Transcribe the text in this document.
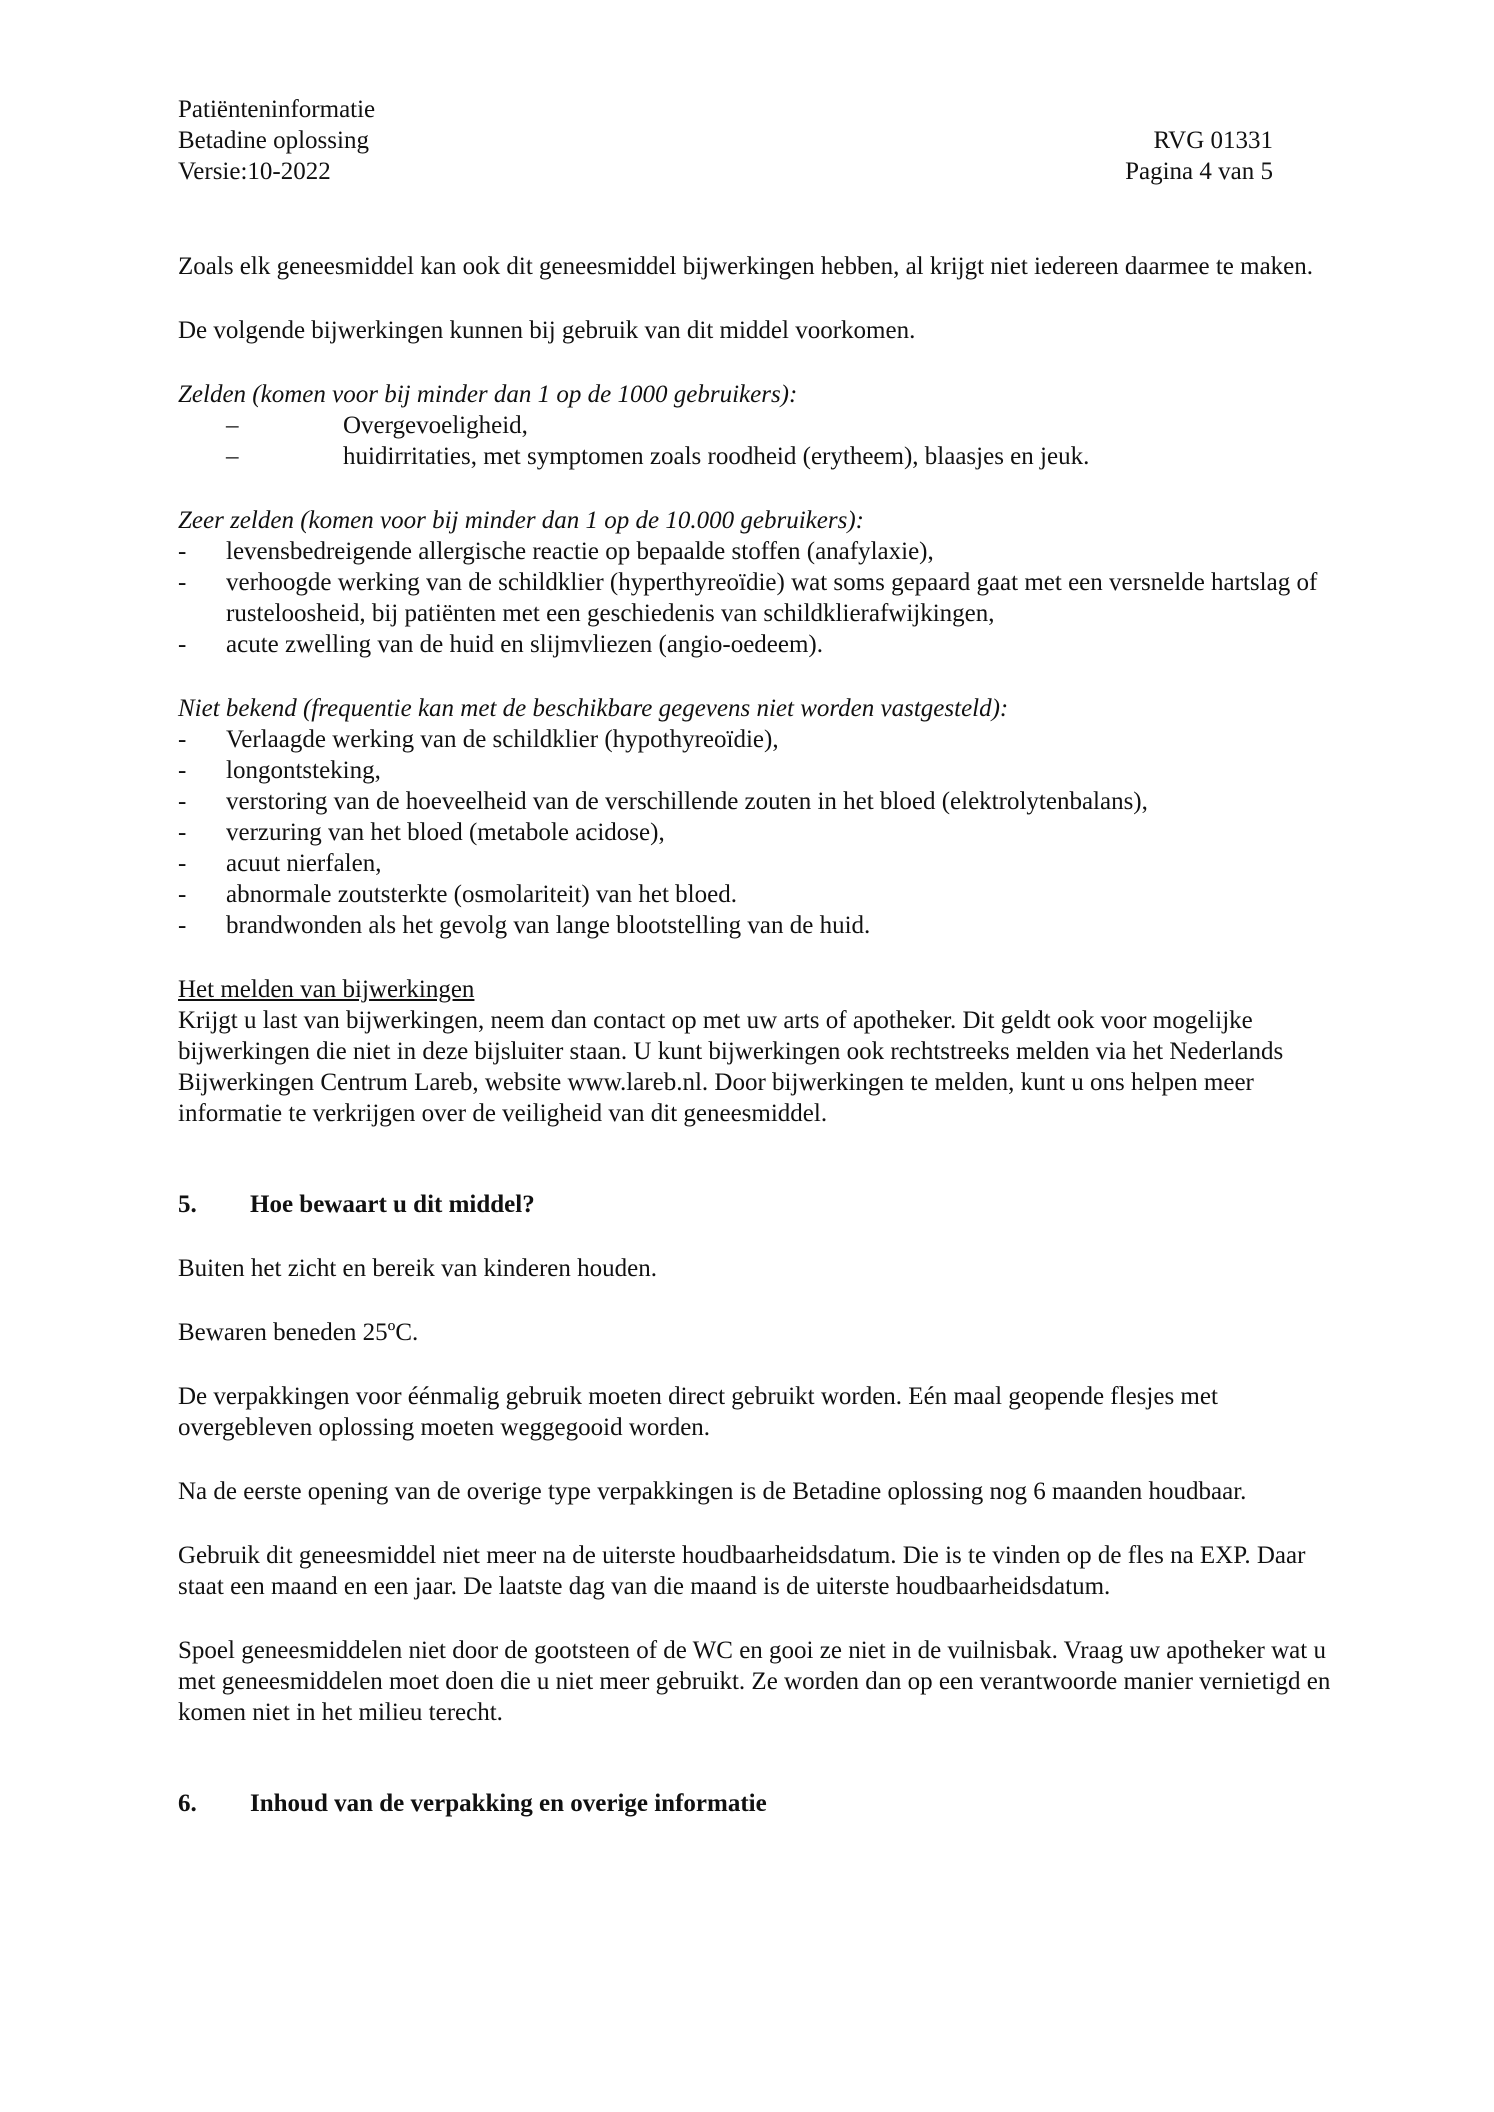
Patiënteninformatie
Betadine oplossing
Versie:10-2022
RVG 01331
Pagina 4 van 5

Zoals elk geneesmiddel kan ook dit geneesmiddel bijwerkingen hebben, al krijgt niet iedereen daarmee te maken.

De volgende bijwerkingen kunnen bij gebruik van dit middel voorkomen.

Zelden (komen voor bij minder dan 1 op de 1000 gebruikers):

–	Overgevoeligheid,
–	huidirritaties, met symptomen zoals roodheid (erytheem), blaasjes en jeuk.

Zeer zelden (komen voor bij minder dan 1 op de 10.000 gebruikers):

-	levensbedreigende allergische reactie op bepaalde stoffen (anafylaxie),
-	verhoogde werking van de schildklier (hyperthyreoïdie) wat soms gepaard gaat met een versnelde hartslag of rusteloosheid, bij patiënten met een geschiedenis van schildklierafwijkingen,
-	acute zwelling van de huid en slijmvliezen (angio-oedeem).

Niet bekend (frequentie kan met de beschikbare gegevens niet worden vastgesteld):

-	Verlaagde werking van de schildklier (hypothyreoïdie),
-	longontsteking,
-	verstoring van de hoeveelheid van de verschillende zouten in het bloed (elektrolytenbalans),
-	verzuring van het bloed (metabole acidose),
-	acuut nierfalen,
-	abnormale zoutsterkte (osmolariteit) van het bloed.
-	brandwonden als het gevolg van lange blootstelling van de huid.

Het melden van bijwerkingen

Krijgt u last van bijwerkingen, neem dan contact op met uw arts of apotheker. Dit geldt ook voor mogelijke bijwerkingen die niet in deze bijsluiter staan. U kunt bijwerkingen ook rechtstreeks melden via het Nederlands Bijwerkingen Centrum Lareb, website www.lareb.nl. Door bijwerkingen te melden, kunt u ons helpen meer informatie te verkrijgen over de veiligheid van dit geneesmiddel.

5.	Hoe bewaart u dit middel?

Buiten het zicht en bereik van kinderen houden.

Bewaren beneden 25ºC.

De verpakkingen voor éénmalig gebruik moeten direct gebruikt worden. Eén maal geopende flesjes met overgebleven oplossing moeten weggegooid worden.

Na de eerste opening van de overige type verpakkingen is de Betadine oplossing nog 6 maanden houdbaar.

Gebruik dit geneesmiddel niet meer na de uiterste houdbaarheidsdatum. Die is te vinden op de fles na EXP. Daar staat een maand en een jaar. De laatste dag van die maand is de uiterste houdbaarheidsdatum.

Spoel geneesmiddelen niet door de gootsteen of de WC en gooi ze niet in de vuilnisbak. Vraag uw apotheker wat u met geneesmiddelen moet doen die u niet meer gebruikt. Ze worden dan op een verantwoorde manier vernietigd en komen niet in het milieu terecht.

6.	Inhoud van de verpakking en overige informatie
